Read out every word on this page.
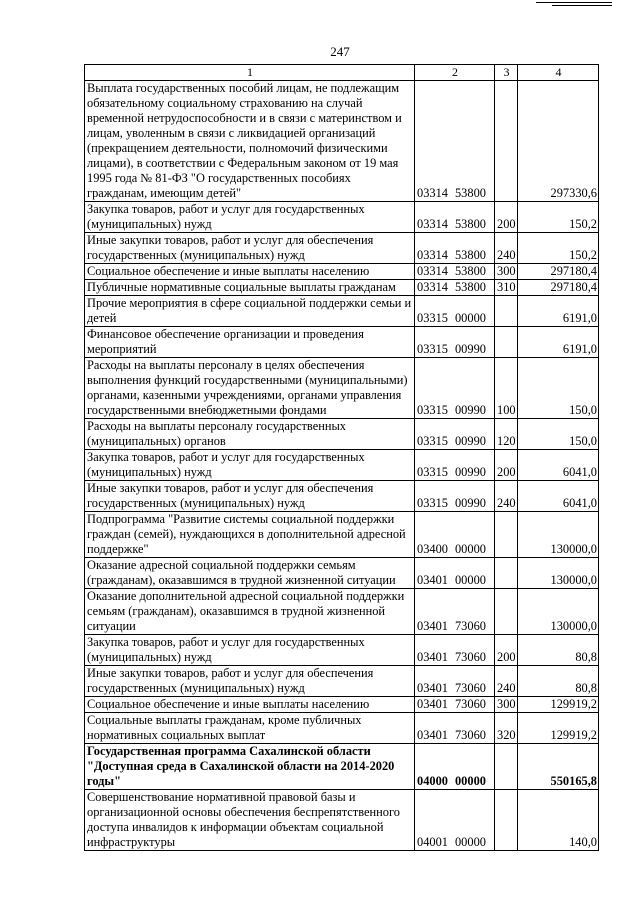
247
1	2	3	4
Выплата государственных пособий лицам, не подлежащим обязательному социальному страхованию на случай временной нетрудоспособности и в связи с материнством и лицам, уволенным в связи с ликвидацией организаций (прекращением деятельности, полномочий физическими лицами), в соответствии с Федеральным законом от 19 мая 1995 года № 81-ФЗ "О государственных пособиях гражданам, имеющим детей"	03314 53800		297330,6
Закупка товаров, работ и услуг для государственных (муниципальных) нужд	03314 53800	200	150,2
Иные закупки товаров, работ и услуг для обеспечения государственных (муниципальных) нужд	03314 53800	240	150,2
Социальное обеспечение и иные выплаты населению	03314 53800	300	297180,4
Публичные нормативные социальные выплаты гражданам	03314 53800	310	297180,4
Прочие мероприятия в сфере социальной поддержки семьи и детей	03315 00000		6191,0
Финансовое обеспечение организации и проведения мероприятий	03315 00990		6191,0
Расходы на выплаты персоналу в целях обеспечения выполнения функций государственными (муниципальными) органами, казенными учреждениями, органами управления государственными внебюджетными фондами	03315 00990	100	150,0
Расходы на выплаты персоналу государственных (муниципальных) органов	03315 00990	120	150,0
Закупка товаров, работ и услуг для государственных (муниципальных) нужд	03315 00990	200	6041,0
Иные закупки товаров, работ и услуг для обеспечения государственных (муниципальных) нужд	03315 00990	240	6041,0
Подпрограмма "Развитие системы социальной поддержки граждан (семей), нуждающихся в дополнительной адресной поддержке"	03400 00000		130000,0
Оказание адресной социальной поддержки семьям (гражданам), оказавшимся в трудной жизненной ситуации	03401 00000		130000,0
Оказание дополнительной адресной социальной поддержки семьям (гражданам), оказавшимся в трудной жизненной ситуации	03401 73060		130000,0
Закупка товаров, работ и услуг для государственных (муниципальных) нужд	03401 73060	200	80,8
Иные закупки товаров, работ и услуг для обеспечения государственных (муниципальных) нужд	03401 73060	240	80,8
Социальное обеспечение и иные выплаты населению	03401 73060	300	129919,2
Социальные выплаты гражданам, кроме публичных нормативных социальных выплат	03401 73060	320	129919,2
Государственная программа Сахалинской области "Доступная среда в Сахалинской области на 2014-2020 годы"	04000 00000		550165,8
Совершенствование нормативной правовой базы и организационной основы обеспечения беспрепятственного доступа инвалидов к информации объектам социальной инфраструктуры	04001 00000		140,0
